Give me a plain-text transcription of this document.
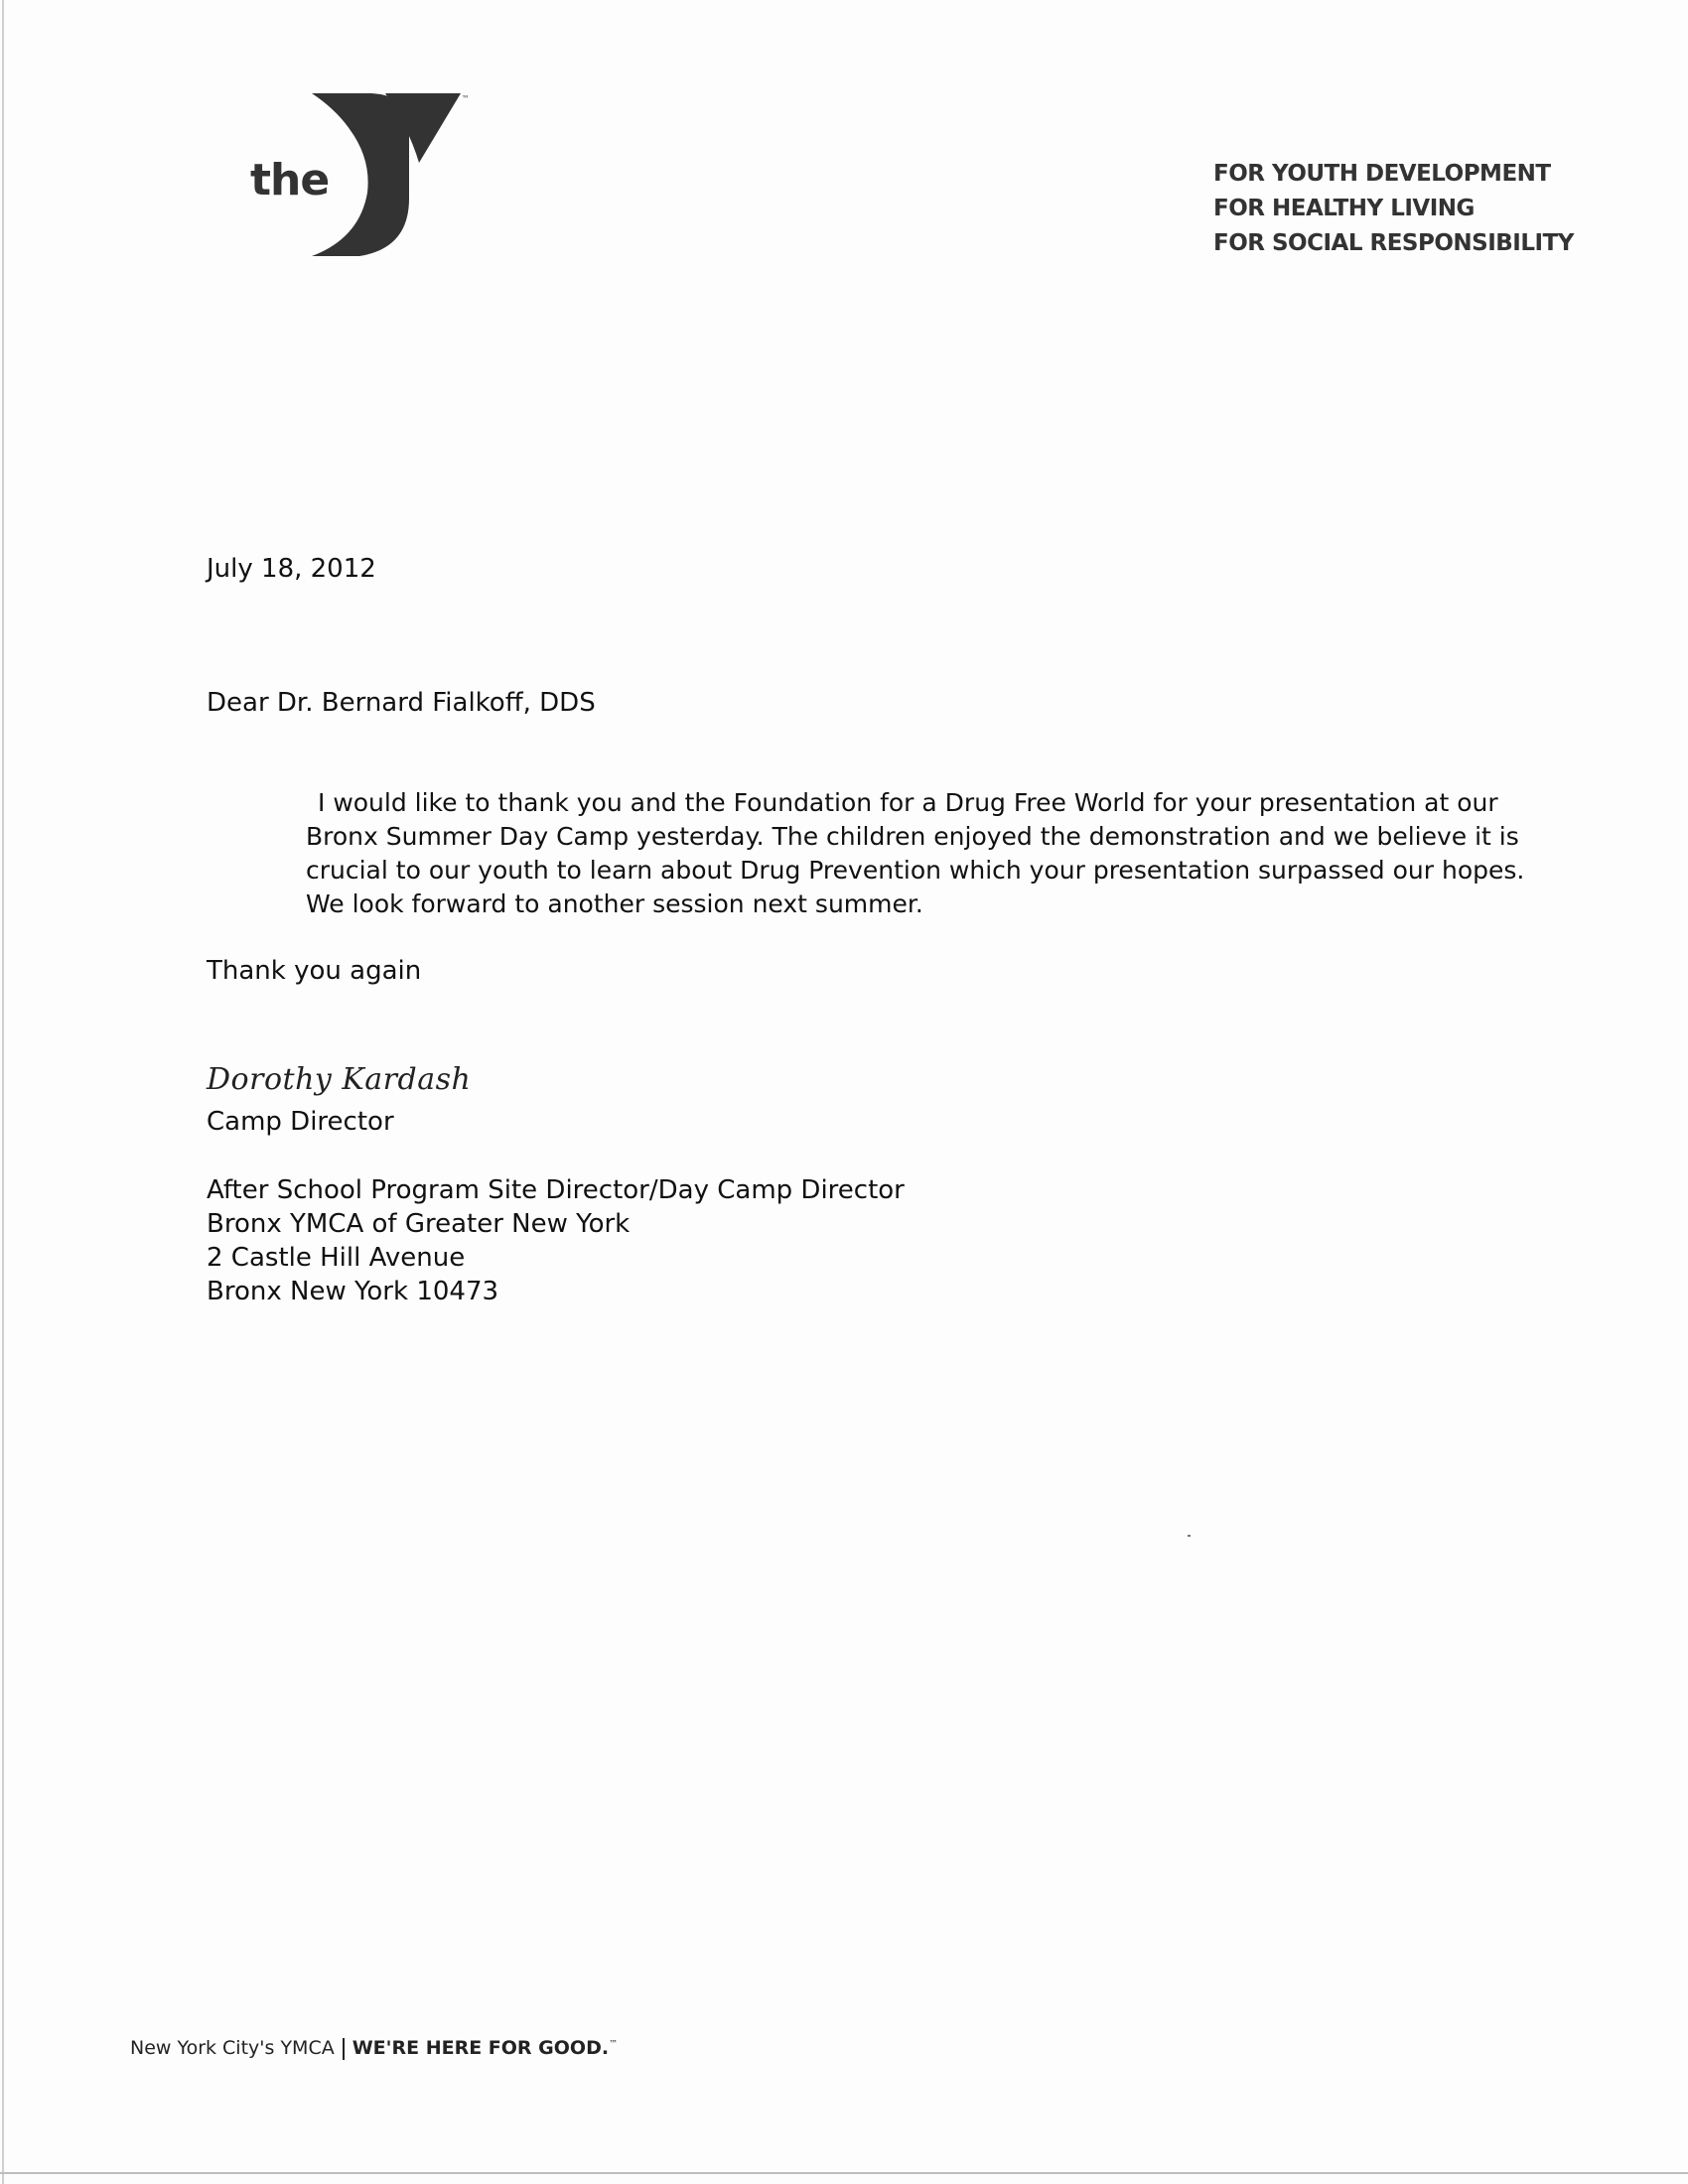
the
YMCA
™
FOR YOUTH DEVELOPMENT
FOR HEALTHY LIVING
FOR SOCIAL RESPONSIBILITY
July 18, 2012
Dear Dr. Bernard Fialkoff, DDS
I would like to thank you and the Foundation for a Drug Free World for your presentation at our
Bronx Summer Day Camp yesterday. The children enjoyed the demonstration and we believe it is
crucial to our youth to learn about Drug Prevention which your presentation surpassed our hopes.
We look forward to another session next summer.
Thank you again
Dorothy Kardash
Camp Director
After School Program Site Director/Day Camp Director
Bronx YMCA of Greater New York
2 Castle Hill Avenue
Bronx New York 10473
New York City's YMCA WE'RE HERE FOR GOOD.™
